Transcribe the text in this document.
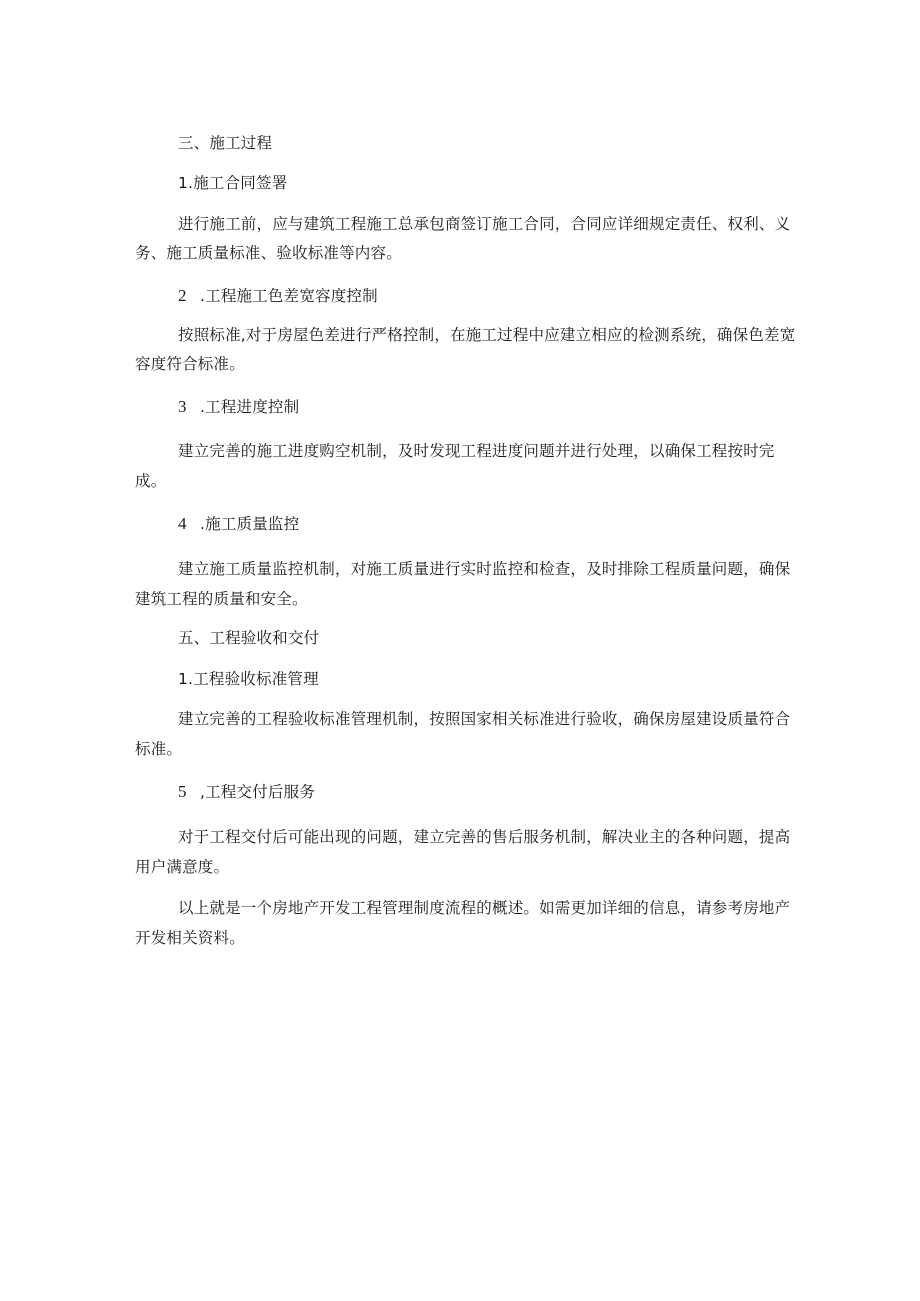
三、施工过程

1.施工合同签署

进行施工前，应与建筑工程施工总承包商签订施工合同，合同应详细规定责任、权利、义

务、施工质量标准、验收标准等内容。

2 .工程施工色差宽容度控制

按照标准,对于房屋色差进行严格控制，在施工过程中应建立相应的检测系统，确保色差宽

容度符合标准。

3 .工程进度控制

建立完善的施工进度购空机制，及时发现工程进度问题并进行处理，以确保工程按时完

成。

4 .施工质量监控

建立施工质量监控机制，对施工质量进行实时监控和检查，及时排除工程质量问题，确保

建筑工程的质量和安全。

五、工程验收和交付

1.工程验收标准管理

建立完善的工程验收标准管理机制，按照国家相关标准进行验收，确保房屋建设质量符合

标准。

5 ,工程交付后服务

对于工程交付后可能出现的问题，建立完善的售后服务机制，解决业主的各种问题，提高

用户满意度。

以上就是一个房地产开发工程管理制度流程的概述。如需更加详细的信息，请参考房地产

开发相关资料。
